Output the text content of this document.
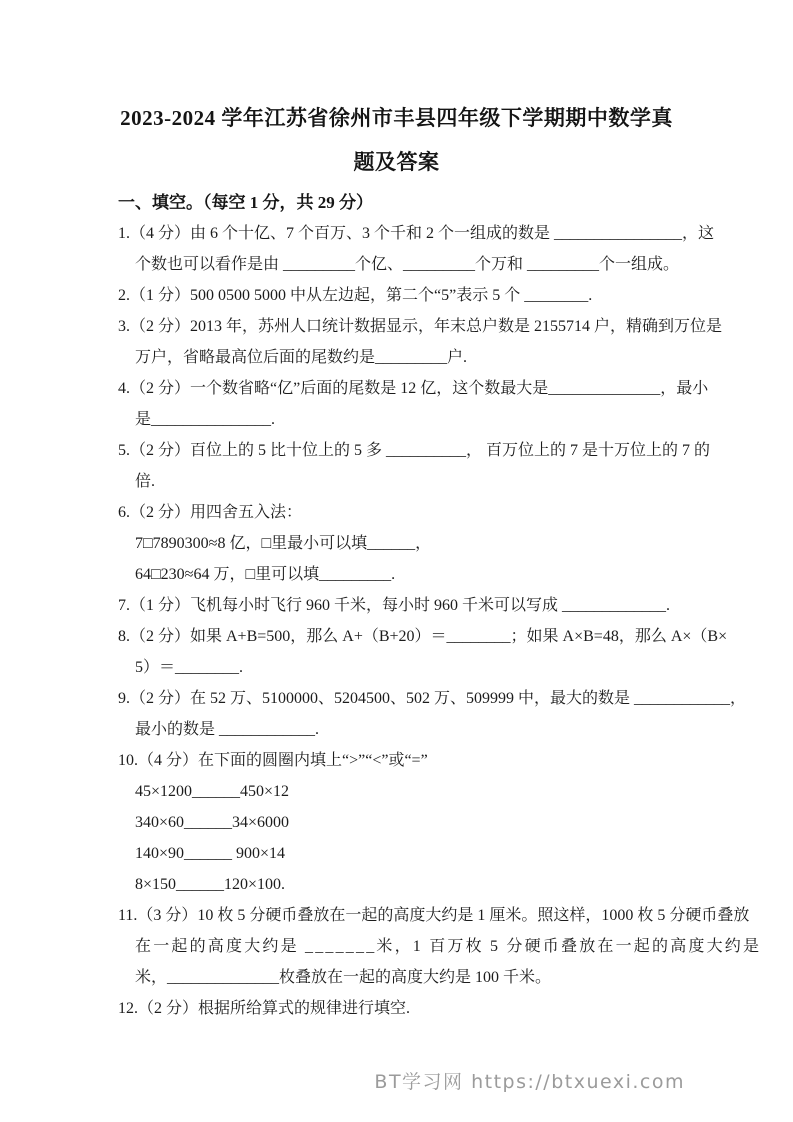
2023-2024 学年江苏省徐州市丰县四年级下学期期中数学真
题及答案
一、填空。（每空 1 分，共 29 分）
1.（4 分）由 6 个十亿、7 个百万、3 个千和 2 个一组成的数是 ________________，这
个数也可以看作是由 _________个亿、_________个万和 _________个一组成。
2.（1 分）500 0500 5000 中从左边起，第二个“5”表示 5 个 ________.
3.（2 分）2013 年，苏州人口统计数据显示，年末总户数是 2155714 户，精确到万位是
万户，省略最高位后面的尾数约是_________户.
4.（2 分）一个数省略“亿”后面的尾数是 12 亿，这个数最大是______________，最小
是_______________.
5.（2 分）百位上的 5 比十位上的 5 多 __________， 百万位上的 7 是十万位上的 7 的
倍.
6.（2 分）用四舍五入法：
7□7890300≈8 亿，□里最小可以填______，
64□230≈64 万，□里可以填_________.
7.（1 分）飞机每小时飞行 960 千米，每小时 960 千米可以写成 _____________.
8.（2 分）如果 A+B=500，那么 A+（B+20）＝________；如果 A×B=48，那么 A×（B×
5）＝________.
9.（2 分）在 52 万、5100000、5204500、502 万、509999 中，最大的数是 ____________，
最小的数是 ____________.
10.（4 分）在下面的圆圈内填上“>”“<”或“=”
45×1200______450×12
340×60______34×6000
140×90______ 900×14
8×150______120×100.
11.（3 分）10 枚 5 分硬币叠放在一起的高度大约是 1 厘米。照这样，1000 枚 5 分硬币叠放
在一起的高度大约是 _______米，1 百万枚 5 分硬币叠放在一起的高度大约是
米，______________枚叠放在一起的高度大约是 100 千米。
12.（2 分）根据所给算式的规律进行填空.
BT学习网 https://btxuexi.com
